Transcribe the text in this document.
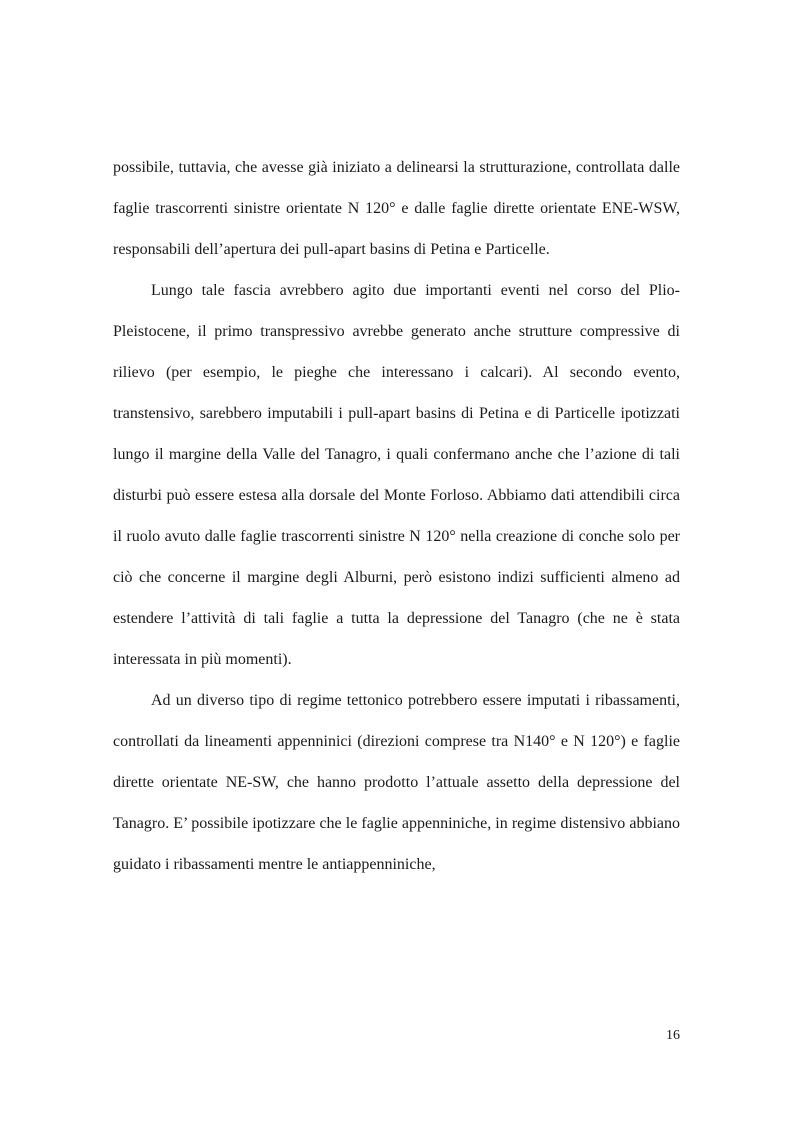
possibile, tuttavia, che avesse già iniziato a delinearsi la strutturazione, controllata dalle faglie trascorrenti sinistre orientate N 120° e dalle faglie dirette orientate ENE-WSW, responsabili dell’apertura dei pull-apart basins di Petina e Particelle.

Lungo tale fascia avrebbero agito due importanti eventi nel corso del Plio-Pleistocene, il primo transpressivo avrebbe generato anche strutture compressive di rilievo (per esempio, le pieghe che interessano i calcari). Al secondo evento, transtensivo, sarebbero imputabili i pull-apart basins di Petina e di Particelle ipotizzati lungo il margine della Valle del Tanagro, i quali confermano anche che l’azione di tali disturbi può essere estesa alla dorsale del Monte Forloso. Abbiamo dati attendibili circa il ruolo avuto dalle faglie trascorrenti sinistre N 120° nella creazione di conche solo per ciò che concerne il margine degli Alburni, però esistono indizi sufficienti almeno ad estendere l’attività di tali faglie a tutta la depressione del Tanagro (che ne è stata interessata in più momenti).

Ad un diverso tipo di regime tettonico potrebbero essere imputati i ribassamenti, controllati da lineamenti appenninici (direzioni comprese tra N140° e N 120°) e faglie dirette orientate NE-SW, che hanno prodotto l’attuale assetto della depressione del Tanagro. E’ possibile ipotizzare che le faglie appenniniche, in regime distensivo abbiano guidato i ribassamenti mentre le antiappenniniche,

16
